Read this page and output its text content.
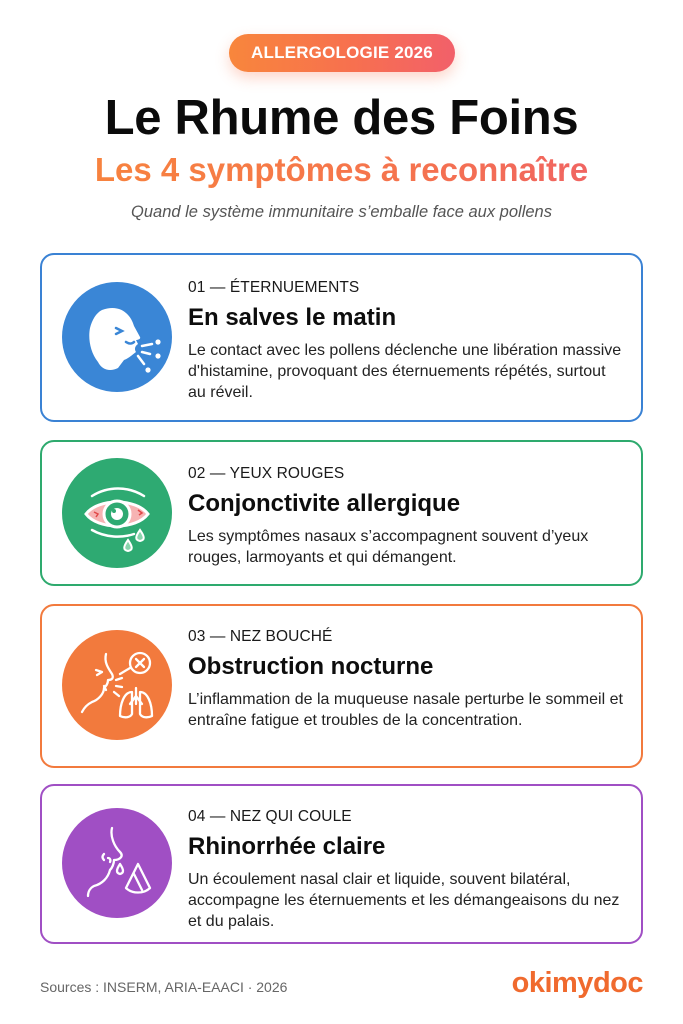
ALLERGOLOGIE 2026
Le Rhume des Foins
Les 4 symptômes à reconnaître

Quand le système immunitaire s’emballe face aux pollens

01 — ÉTERNUEMENTS
En salves le matin
Le contact avec les pollens déclenche une libération massive d'histamine, provoquant des éternuements répétés, surtout au réveil.
02 — YEUX ROUGES
Conjonctivite allergique
Les symptômes nasaux s’accompagnent souvent d’yeux rouges, larmoyants et qui démangent.
03 — NEZ BOUCHÉ
Obstruction nocturne
L’inflammation de la muqueuse nasale perturbe le sommeil et entraîne fatigue et troubles de la concentration.
04 — NEZ QUI COULE
Rhinorrhée claire
Un écoulement nasal clair et liquide, souvent bilatéral, accompagne les éternuements et les démangeaisons du nez et du palais.
Sources : INSERM, ARIA-EAACI · 2026	okimydoc
